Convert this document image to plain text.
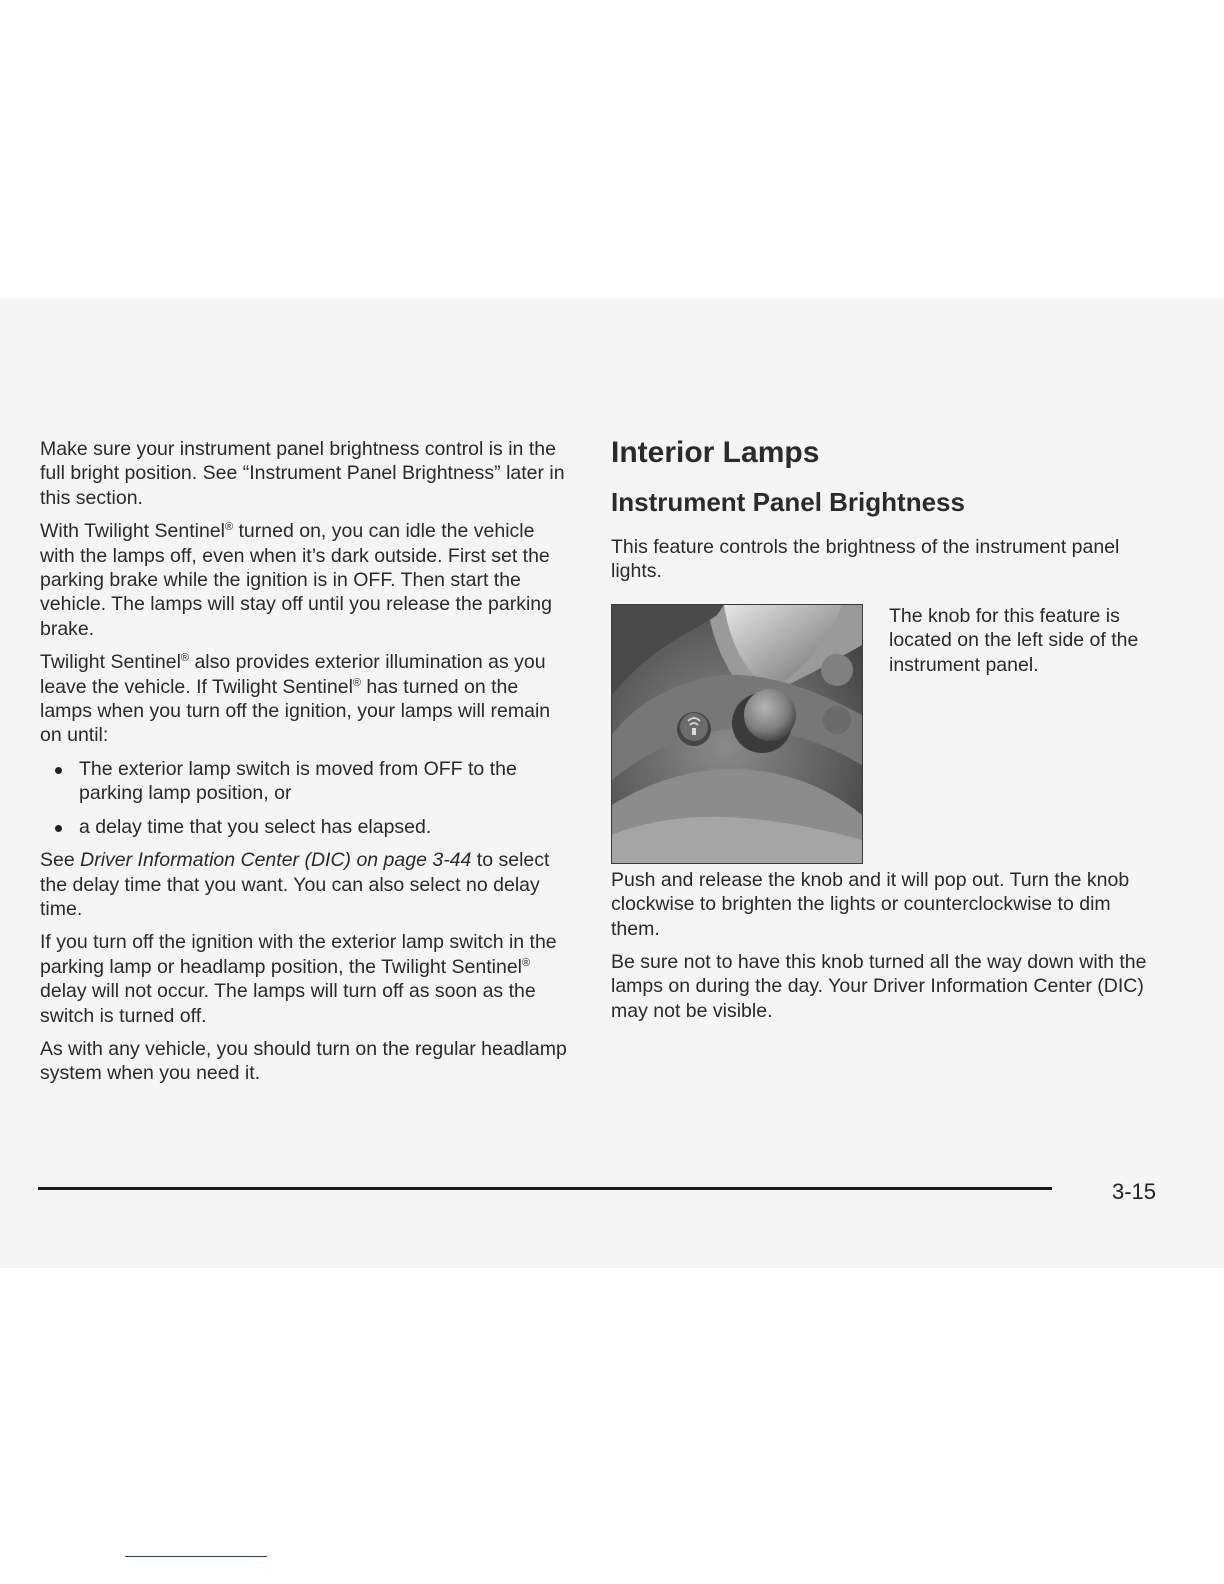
Make sure your instrument panel brightness control is in the full bright position. See “Instrument Panel Brightness” later in this section.

With Twilight Sentinel® turned on, you can idle the vehicle with the lamps off, even when it’s dark outside. First set the parking brake while the ignition is in OFF. Then start the vehicle. The lamps will stay off until you release the parking brake.

Twilight Sentinel® also provides exterior illumination as you leave the vehicle. If Twilight Sentinel® has turned on the lamps when you turn off the ignition, your lamps will remain on until:

The exterior lamp switch is moved from OFF to the parking lamp position, or
a delay time that you select has elapsed.

See Driver Information Center (DIC) on page 3-44 to select the delay time that you want. You can also select no delay time.

If you turn off the ignition with the exterior lamp switch in the parking lamp or headlamp position, the Twilight Sentinel® delay will not occur. The lamps will turn off as soon as the switch is turned off.

As with any vehicle, you should turn on the regular headlamp system when you need it.

Interior Lamps
Instrument Panel Brightness

This feature controls the brightness of the instrument panel lights.

The knob for this feature is located on the left side of the instrument panel.

Push and release the knob and it will pop out. Turn the knob clockwise to brighten the lights or counterclockwise to dim them.

Be sure not to have this knob turned all the way down with the lamps on during the day. Your Driver Information Center (DIC) may not be visible.

3-15
